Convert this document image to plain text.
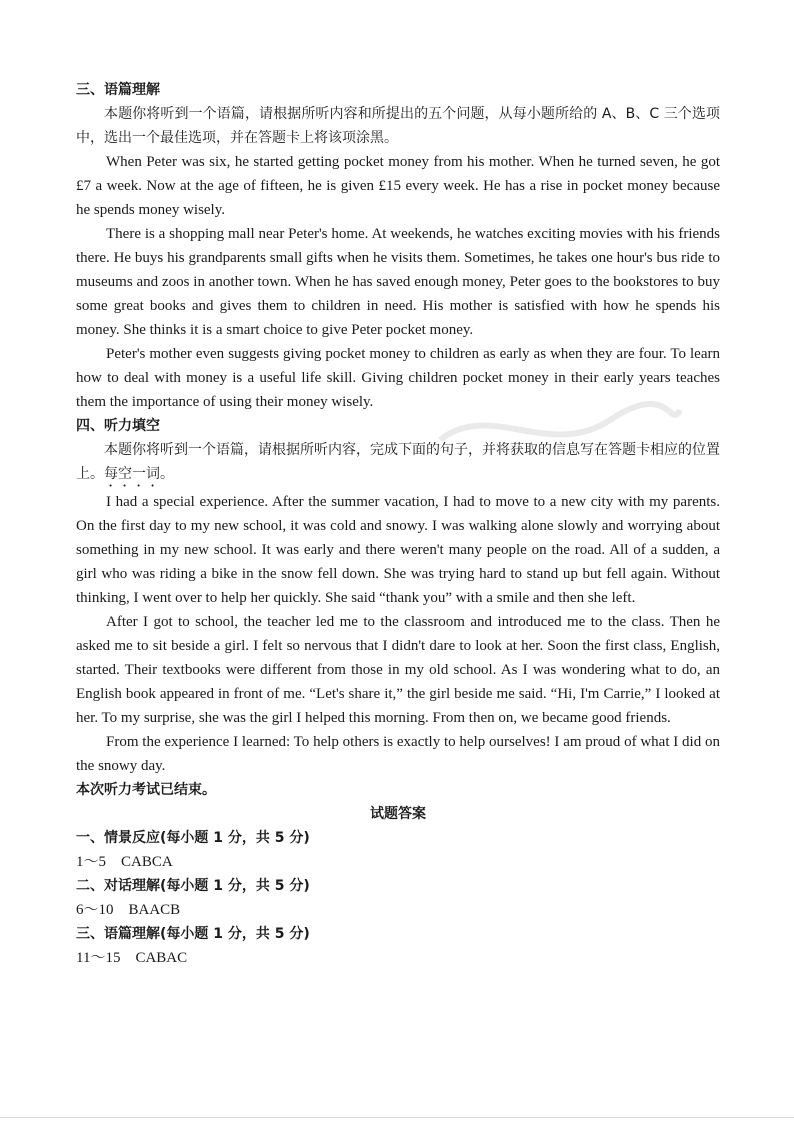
三、语篇理解

本题你将听到一个语篇，请根据所听内容和所提出的五个问题，从每小题所给的 A、B、C 三个选项中，选出一个最佳选项，并在答题卡上将该项涂黑。

When Peter was six, he started getting pocket money from his mother. When he turned seven, he got £7 a week. Now at the age of fifteen, he is given £15 every week. He has a rise in pocket money because he spends money wisely.

There is a shopping mall near Peter's home. At weekends, he watches exciting movies with his friends there. He buys his grandparents small gifts when he visits them. Sometimes, he takes one hour's bus ride to museums and zoos in another town. When he has saved enough money, Peter goes to the bookstores to buy some great books and gives them to children in need. His mother is satisfied with how he spends his money. She thinks it is a smart choice to give Peter pocket money.

Peter's mother even suggests giving pocket money to children as early as when they are four. To learn how to deal with money is a useful life skill. Giving children pocket money in their early years teaches them the importance of using their money wisely.

四、听力填空

本题你将听到一个语篇，请根据所听内容，完成下面的句子，并将获取的信息写在答题卡相应的位置上。每空一词。

I had a special experience. After the summer vacation, I had to move to a new city with my parents. On the first day to my new school, it was cold and snowy. I was walking alone slowly and worrying about something in my new school. It was early and there weren't many people on the road. All of a sudden, a girl who was riding a bike in the snow fell down. She was trying hard to stand up but fell again. Without thinking, I went over to help her quickly. She said “thank you” with a smile and then she left.

After I got to school, the teacher led me to the classroom and introduced me to the class. Then he asked me to sit beside a girl. I felt so nervous that I didn't dare to look at her. Soon the first class, English, started. Their textbooks were different from those in my old school. As I was wondering what to do, an English book appeared in front of me. “Let's share it,” the girl beside me said. “Hi, I'm Carrie,” I looked at her. To my surprise, she was the girl I helped this morning. From then on, we became good friends.

From the experience I learned: To help others is exactly to help ourselves! I am proud of what I did on the snowy day.

本次听力考试已结束。

试题答案

一、情景反应(每小题 1 分，共 5 分)

1～5　CABCA

二、对话理解(每小题 1 分，共 5 分)

6～10　BAACB

三、语篇理解(每小题 1 分，共 5 分)

11～15　CABAC
